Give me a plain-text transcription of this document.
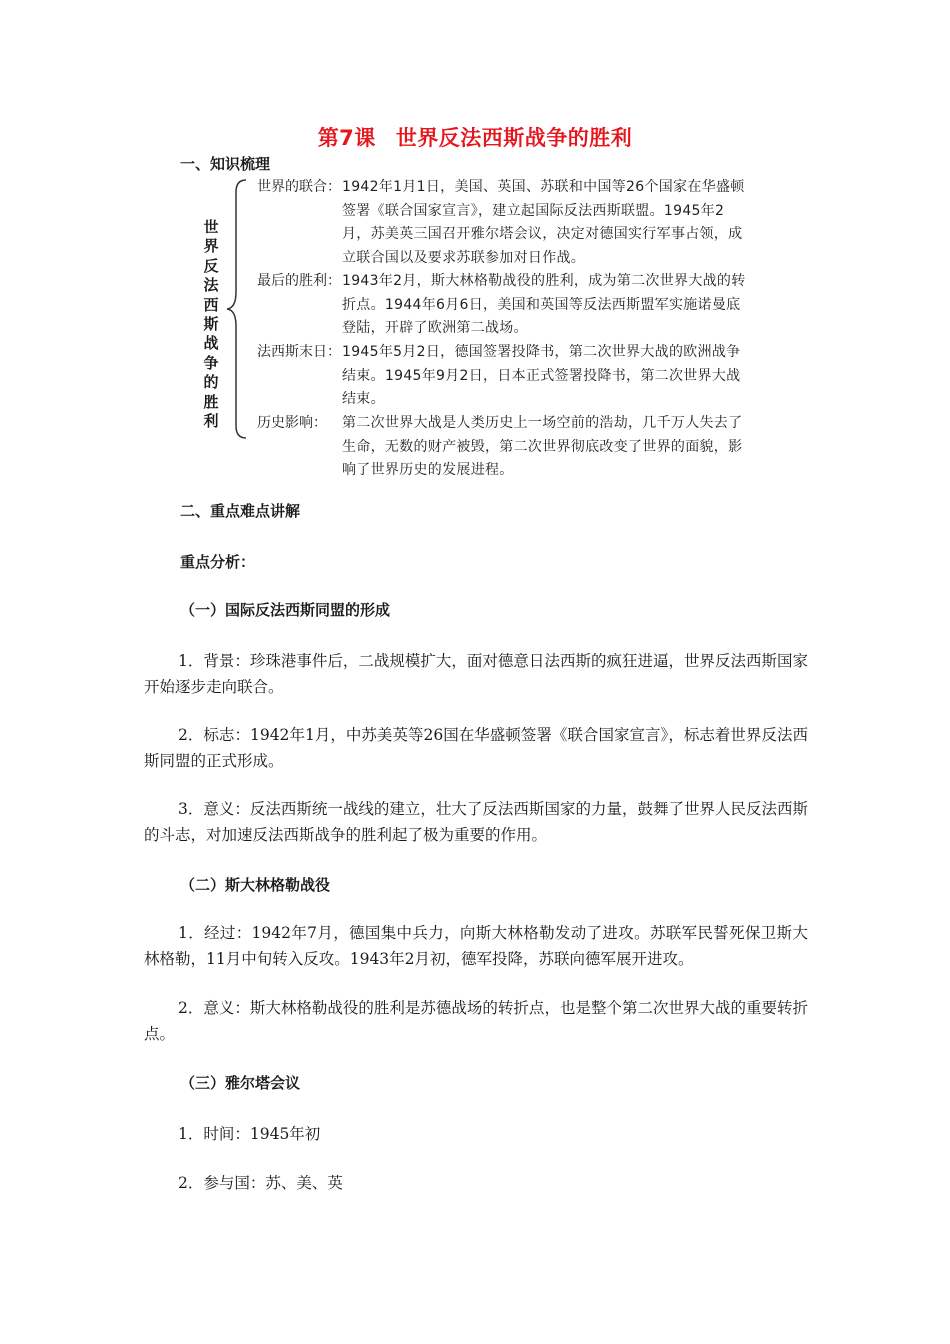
第7课 世界反法西斯战争的胜利
一、知识梳理
世界反法西斯战争的胜利
世界的联合：1942年1月1日，美国、英国、苏联和中国等26个国家在华盛顿签署《联合国家宣言》，建立起国际反法西斯联盟。1945年2月，苏美英三国召开雅尔塔会议，决定对德国实行军事占领，成立联合国以及要求苏联参加对日作战。
最后的胜利：1943年2月，斯大林格勒战役的胜利，成为第二次世界大战的转折点。1944年6月6日，美国和英国等反法西斯盟军实施诺曼底登陆，开辟了欧洲第二战场。
法西斯末日：1945年5月2日，德国签署投降书，第二次世界大战的欧洲战争结束。1945年9月2日，日本正式签署投降书，第二次世界大战结束。
历史影响： 第二次世界大战是人类历史上一场空前的浩劫，几千万人失去了生命，无数的财产被毁，第二次世界彻底改变了世界的面貌，影响了世界历史的发展进程。
二、重点难点讲解
重点分析：
（一）国际反法西斯同盟的形成
1．背景：珍珠港事件后，二战规模扩大，面对德意日法西斯的疯狂进逼，世界反法西斯国家开始逐步走向联合。
2．标志：1942年1月，中苏美英等26国在华盛顿签署《联合国家宣言》，标志着世界反法西斯同盟的正式形成。
3．意义：反法西斯统一战线的建立，壮大了反法西斯国家的力量，鼓舞了世界人民反法西斯的斗志，对加速反法西斯战争的胜利起了极为重要的作用。
（二）斯大林格勒战役
1．经过：1942年7月，德国集中兵力，向斯大林格勒发动了进攻。苏联军民誓死保卫斯大林格勒，11月中旬转入反攻。1943年2月初，德军投降，苏联向德军展开进攻。
2．意义：斯大林格勒战役的胜利是苏德战场的转折点，也是整个第二次世界大战的重要转折点。
（三）雅尔塔会议
1．时间：1945年初
2．参与国：苏、美、英
